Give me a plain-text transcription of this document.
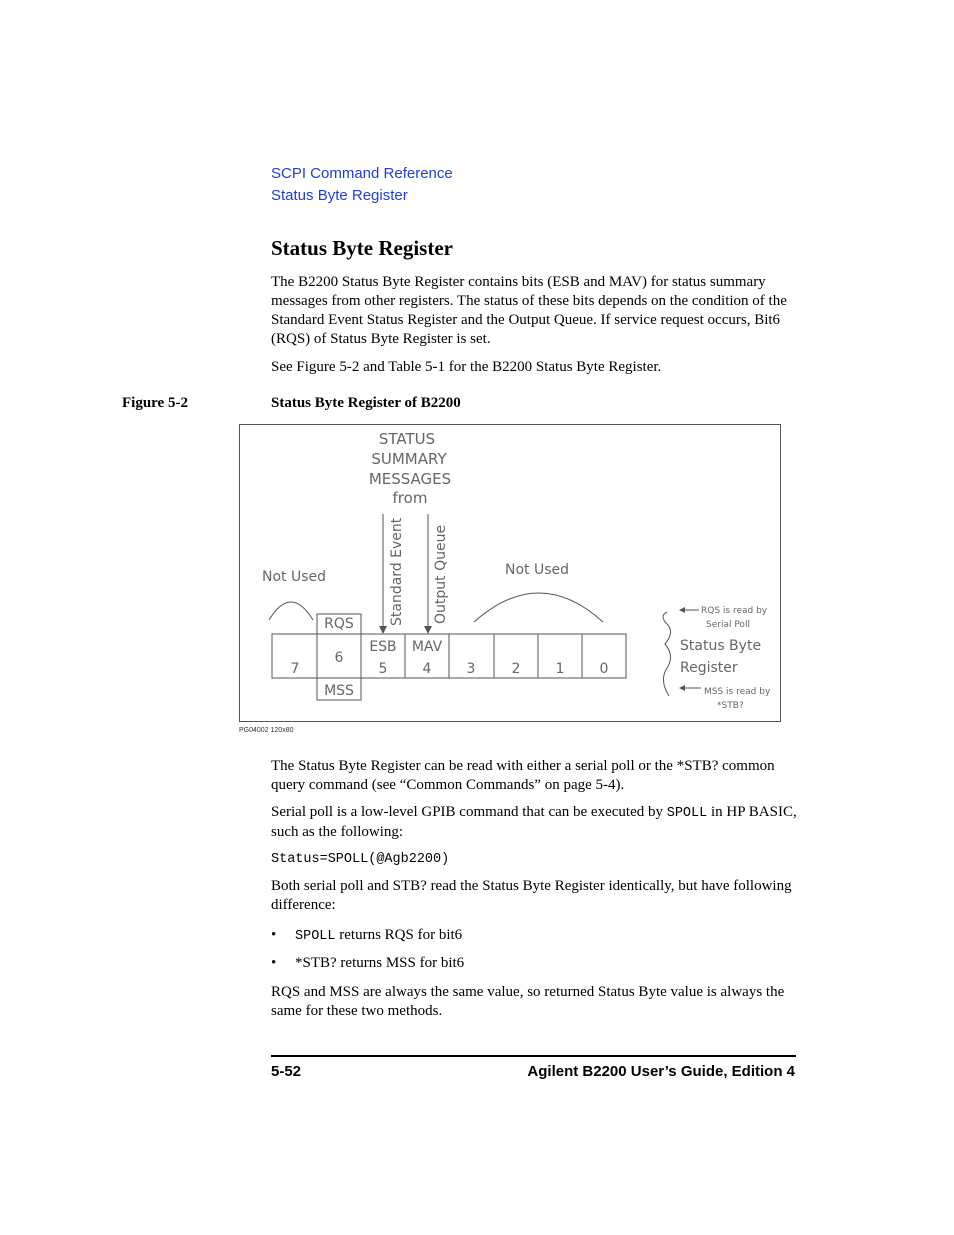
SCPI Command Reference
Status Byte Register
Status Byte Register

The B2200 Status Byte Register contains bits (ESB and MAV) for status summary messages from other registers. The status of these bits depends on the condition of the Standard Event Status Register and the Output Queue. If service request occurs, Bit6 (RQS) of Status Byte Register is set.

See Figure 5-2 and Table 5-1 for the B2200 Status Byte Register.

Figure 5-2	Status Byte Register of B2200
STATUS
SUMMARY
MESSAGES
from
Standard Event Output Queue
Not Used	Not Used
RQS
MSS
ESB MAV
7
6
5	4	3	2	1	0
RQS is read by
Serial Poll
Status Byte
Register
MSS is read by
*STB?
PG04002 120x80

The Status Byte Register can be read with either a serial poll or the *STB? common query command (see “Common Commands” on page 5-4).

Serial poll is a low-level GPIB command that can be executed by SPOLL in HP BASIC, such as the following:

Status=SPOLL(@Agb2200)

Both serial poll and STB? read the Status Byte Register identically, but have following difference:

• SPOLL returns RQS for bit6
• *STB? returns MSS for bit6

RQS and MSS are always the same value, so returned Status Byte value is always the same for these two methods.

5-52	Agilent B2200 User’s Guide, Edition 4
